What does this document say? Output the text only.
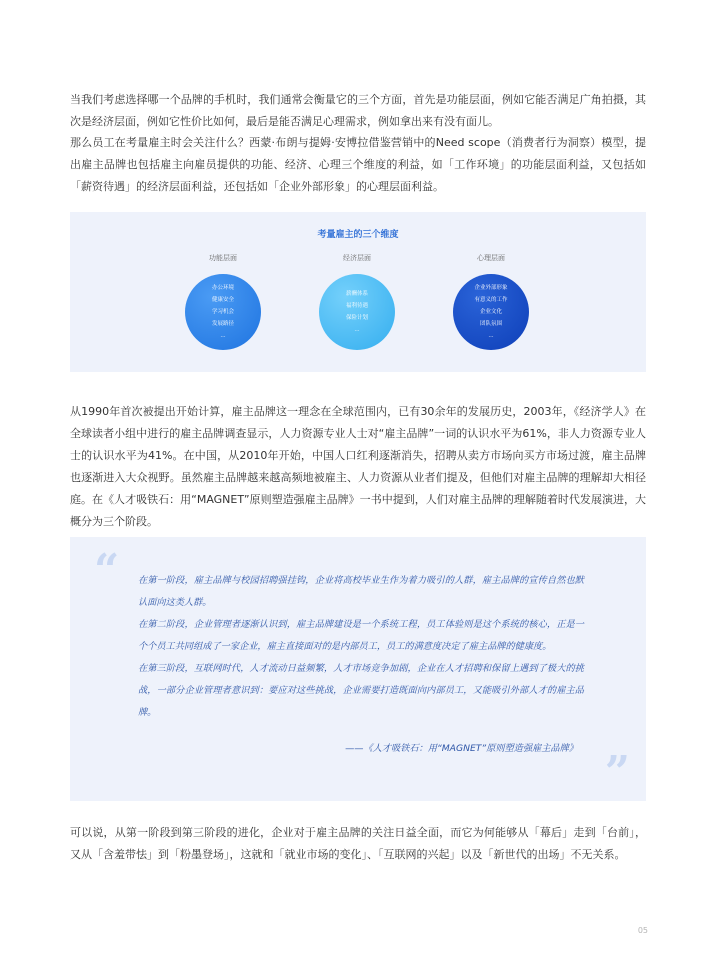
当我们考虑选择哪一个品牌的手机时，我们通常会衡量它的三个方面，首先是功能层面，例如它能否满足广角拍摄，其次是经济层面，例如它性价比如何，最后是能否满足心理需求，例如拿出来有没有面儿。

那么员工在考量雇主时会关注什么？西蒙·布朗与提姆·安博拉借鉴营销中的Need scope（消费者行为洞察）模型，提出雇主品牌也包括雇主向雇员提供的功能、经济、心理三个维度的利益，如「工作环境」的功能层面利益，又包括如「薪资待遇」的经济层面利益，还包括如「企业外部形象」的心理层面利益。

考量雇主的三个维度
功能层面	经济层面	心理层面
办公环境
健康安全
学习机会
发展路径
...
薪酬体系
福利待遇
保险计划
...
企业外部形象
有意义的工作
企业文化
团队氛围
...

从1990年首次被提出开始计算，雇主品牌这一理念在全球范围内，已有30余年的发展历史，2003年，《经济学人》在全球读者小组中进行的雇主品牌调查显示，人力资源专业人士对“雇主品牌”一词的认识水平为61%，非人力资源专业人士的认识水平为41%。在中国，从2010年开始，中国人口红利逐渐消失，招聘从卖方市场向买方市场过渡，雇主品牌也逐渐进入大众视野。虽然雇主品牌越来越高频地被雇主、人力资源从业者们提及，但他们对雇主品牌的理解却大相径庭。在《人才吸铁石：用“MAGNET”原则塑造强雇主品牌》一书中提到，人们对雇主品牌的理解随着时代发展演进，大概分为三个阶段。

“ 在第一阶段，雇主品牌与校园招聘强挂钩，企业将高校毕业生作为着力吸引的人群，雇主品牌的宣传自然也默认面向这类人群。

在第二阶段，企业管理者逐渐认识到，雇主品牌建设是一个系统工程，员工体验则是这个系统的核心，正是一个个员工共同组成了一家企业，雇主直接面对的是内部员工，员工的满意度决定了雇主品牌的健康度。

在第三阶段，互联网时代，人才流动日益频繁，人才市场竞争加剧，企业在人才招聘和保留上遇到了极大的挑战，一部分企业管理者意识到：要应对这些挑战，企业需要打造既面向内部员工，又能吸引外部人才的雇主品牌。

——《人才吸铁石：用“MAGNET”原则塑造强雇主品牌》 ”

可以说，从第一阶段到第三阶段的进化，企业对于雇主品牌的关注日益全面，而它为何能够从「幕后」走到「台前」，又从「含羞带怯」到「粉墨登场」，这就和「就业市场的变化」、「互联网的兴起」以及「新世代的出场」不无关系。

05
